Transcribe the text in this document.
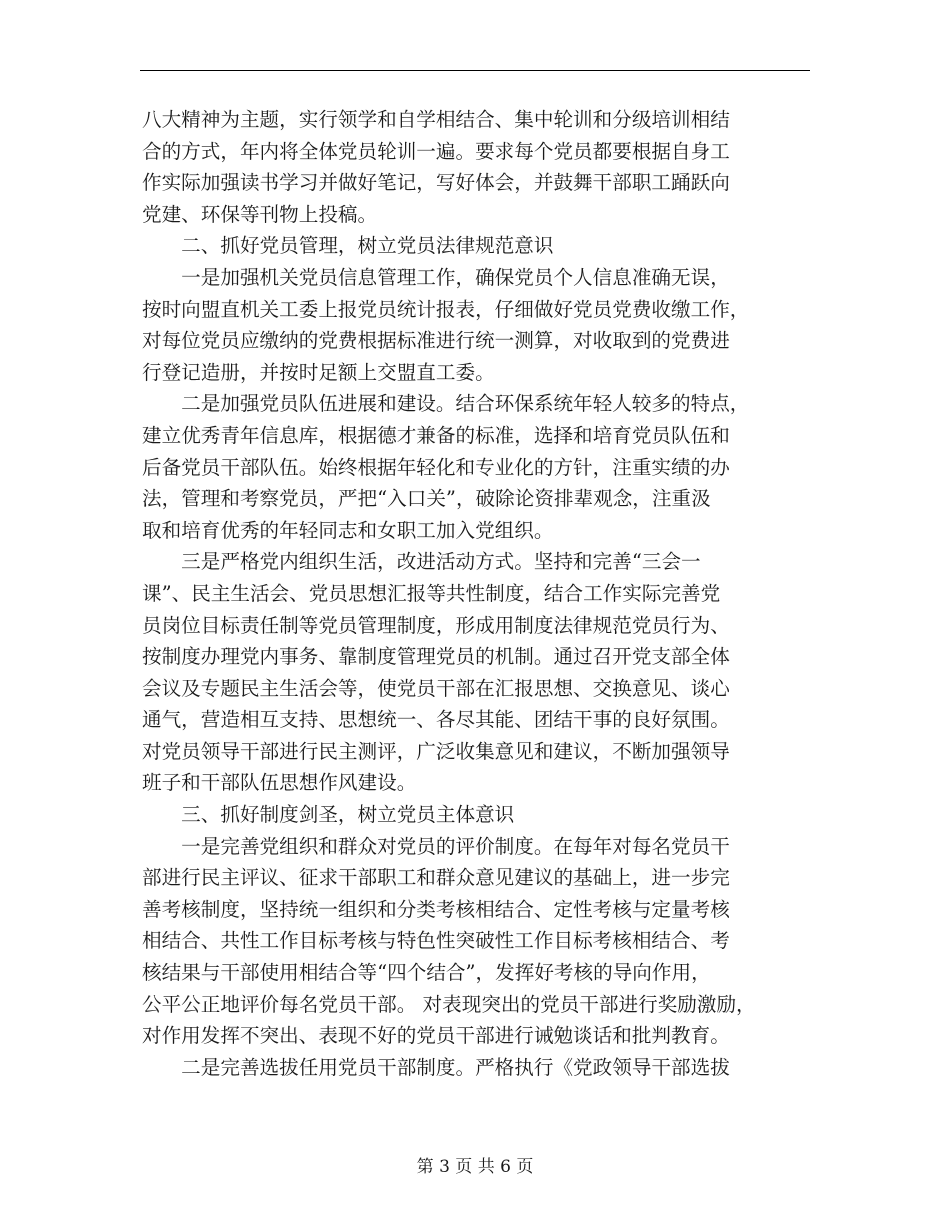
八大精神为主题，实行领学和自学相结合、集中轮训和分级培训相结
合的方式，年内将全体党员轮训一遍。要求每个党员都要根据自身工
作实际加强读书学习并做好笔记，写好体会，并鼓舞干部职工踊跃向
党建、环保等刊物上投稿。
　　二、抓好党员管理，树立党员法律规范意识
　　一是加强机关党员信息管理工作，确保党员个人信息准确无误，
按时向盟直机关工委上报党员统计报表，仔细做好党员党费收缴工作，
对每位党员应缴纳的党费根据标准进行统一测算，对收取到的党费进
行登记造册，并按时足额上交盟直工委。
　　二是加强党员队伍进展和建设。结合环保系统年轻人较多的特点，
建立优秀青年信息库，根据德才兼备的标准，选择和培育党员队伍和
后备党员干部队伍。始终根据年轻化和专业化的方针，注重实绩的办
法，管理和考察党员，严把“入口关”，破除论资排辈观念，注重汲
取和培育优秀的年轻同志和女职工加入党组织。
　　三是严格党内组织生活，改进活动方式。坚持和完善“三会一
课”、民主生活会、党员思想汇报等共性制度，结合工作实际完善党
员岗位目标责任制等党员管理制度，形成用制度法律规范党员行为、
按制度办理党内事务、靠制度管理党员的机制。通过召开党支部全体
会议及专题民主生活会等，使党员干部在汇报思想、交换意见、谈心
通气，营造相互支持、思想统一、各尽其能、团结干事的良好氛围。
对党员领导干部进行民主测评，广泛收集意见和建议，不断加强领导
班子和干部队伍思想作风建设。
　　三、抓好制度剑圣，树立党员主体意识
　　一是完善党组织和群众对党员的评价制度。在每年对每名党员干
部进行民主评议、征求干部职工和群众意见建议的基础上，进一步完
善考核制度，坚持统一组织和分类考核相结合、定性考核与定量考核
相结合、共性工作目标考核与特色性突破性工作目标考核相结合、考
核结果与干部使用相结合等“四个结合”，发挥好考核的导向作用，
公平公正地评价每名党员干部。 对表现突出的党员干部进行奖励激励，
对作用发挥不突出、表现不好的党员干部进行诫勉谈话和批判教育。
　　二是完善选拔任用党员干部制度。严格执行《党政领导干部选拔
第 3 页 共 6 页
